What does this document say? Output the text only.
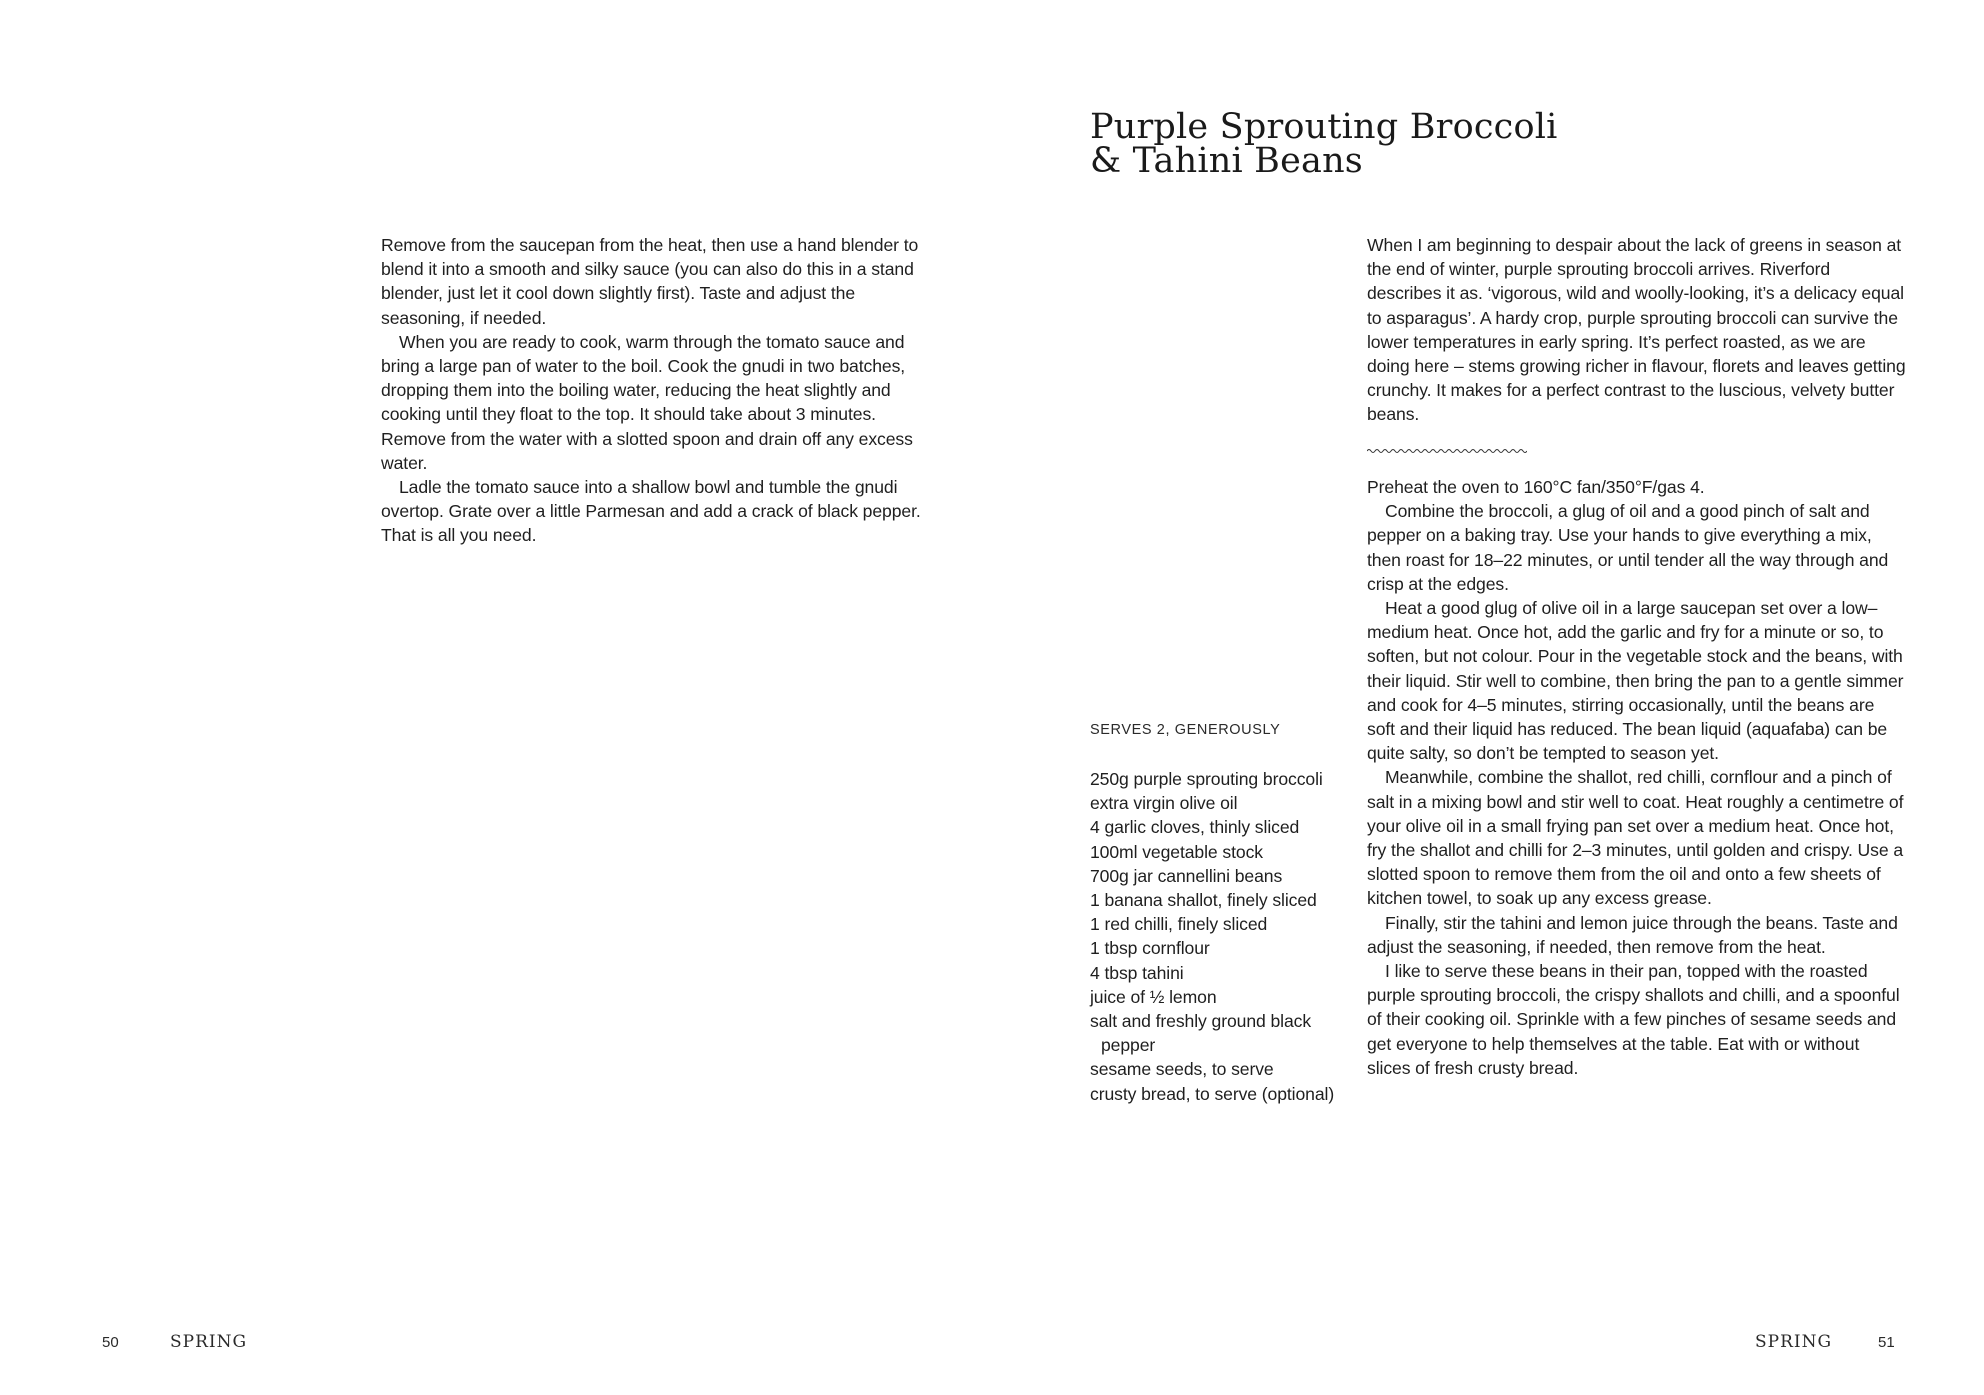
Remove from the saucepan from the heat, then use a hand blender to blend it into a smooth and silky sauce (you can also do this in a stand blender, just let it cool down slightly first). Taste and adjust the seasoning, if needed.

When you are ready to cook, warm through the tomato sauce and bring a large pan of water to the boil. Cook the gnudi in two batches, dropping them into the boiling water, reducing the heat slightly and cooking until they float to the top. It should take about 3 minutes. Remove from the water with a slotted spoon and drain off any excess water.

Ladle the tomato sauce into a shallow bowl and tumble the gnudi overtop. Grate over a little Parmesan and add a crack of black pepper. That is all you need.

50	SPRING
Purple Sprouting Broccoli
& Tahini Beans

When I am beginning to despair about the lack of greens in season at the end of winter, purple sprouting broccoli arrives. Riverford describes it as. ‘vigorous, wild and woolly-looking, it’s a delicacy equal to asparagus’. A hardy crop, purple sprouting broccoli can survive the lower temperatures in early spring. It’s perfect roasted, as we are doing here – stems growing richer in flavour, florets and leaves getting crunchy. It makes for a perfect contrast to the luscious, velvety butter beans.

Preheat the oven to 160°C fan/350°F/gas 4.

Combine the broccoli, a glug of oil and a good pinch of salt and pepper on a baking tray. Use your hands to give everything a mix, then roast for 18–22 minutes, or until tender all the way through and crisp at the edges.

Heat a good glug of olive oil in a large saucepan set over a low–medium heat. Once hot, add the garlic and fry for a minute or so, to soften, but not colour. Pour in the vegetable stock and the beans, with their liquid. Stir well to combine, then bring the pan to a gentle simmer and cook for 4–5 minutes, stirring occasionally, until the beans are soft and their liquid has reduced. The bean liquid (aquafaba) can be quite salty, so don’t be tempted to season yet.

Meanwhile, combine the shallot, red chilli, cornflour and a pinch of salt in a mixing bowl and stir well to coat. Heat roughly a centimetre of your olive oil in a small frying pan set over a medium heat. Once hot, fry the shallot and chilli for 2–3 minutes, until golden and crispy. Use a slotted spoon to remove them from the oil and onto a few sheets of kitchen towel, to soak up any excess grease.

Finally, stir the tahini and lemon juice through the beans. Taste and adjust the seasoning, if needed, then remove from the heat.

I like to serve these beans in their pan, topped with the roasted purple sprouting broccoli, the crispy shallots and chilli, and a spoonful of their cooking oil. Sprinkle with a few pinches of sesame seeds and get everyone to help themselves at the table. Eat with or without slices of fresh crusty bread.

SERVES 2, GENEROUSLY

250g purple sprouting broccoli
extra virgin olive oil
4 garlic cloves, thinly sliced
100ml vegetable stock
700g jar cannellini beans
1 banana shallot, finely sliced
1 red chilli, finely sliced
1 tbsp cornflour
4 tbsp tahini
juice of ½ lemon
salt and freshly ground black pepper
sesame seeds, to serve
crusty bread, to serve (optional)
SPRING	51
